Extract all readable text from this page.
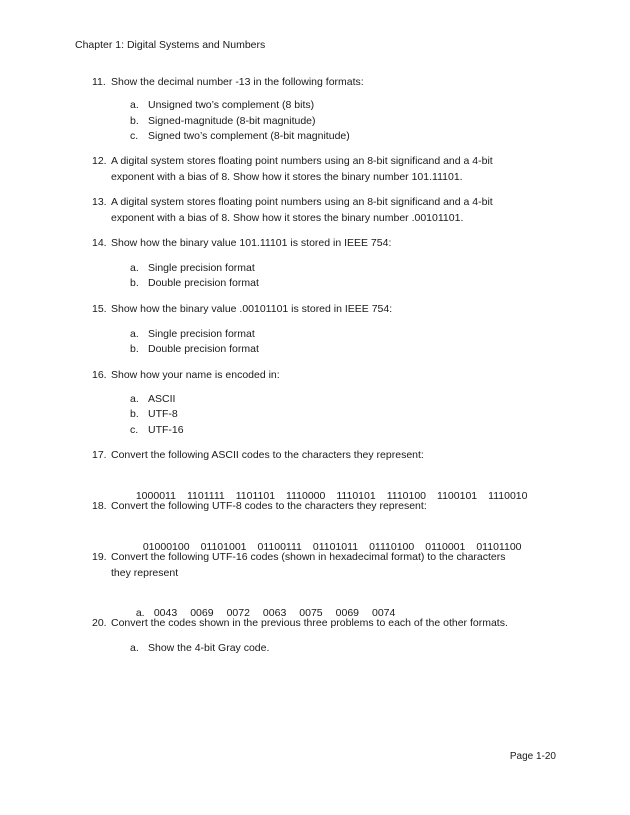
Chapter 1: Digital Systems and Numbers
11. Show the decimal number -13 in the following formats:
a. Unsigned two’s complement (8 bits)
b. Signed-magnitude (8-bit magnitude)
c. Signed two’s complement (8-bit magnitude)
12. A digital system stores floating point numbers using an 8-bit significand and a 4-bit
exponent with a bias of 8. Show how it stores the binary number 101.11101.
13. A digital system stores floating point numbers using an 8-bit significand and a 4-bit
exponent with a bias of 8. Show how it stores the binary number .00101101.
14. Show how the binary value 101.11101 is stored in IEEE 754:
a. Single precision format
b. Double precision format
15. Show how the binary value .00101101 is stored in IEEE 754:
a. Single precision format
b. Double precision format
16. Show how your name is encoded in:
a. ASCII
b. UTF-8
c. UTF-16
17. Convert the following ASCII codes to the characters they represent:

1000011 1101111 1101101 1110000 1110101 1110100 1100101 1110010

18. Convert the following UTF-8 codes to the characters they represent:

01000100 01101001 01100111 01101011 01110100 0110001 01101100

19. Convert the following UTF-16 codes (shown in hexadecimal format) to the characters
they represent

a. 0043 0069 0072 0063 0075 0069 0074

20. Convert the codes shown in the previous three problems to each of the other formats.
a. Show the 4-bit Gray code.
Page 1-20
